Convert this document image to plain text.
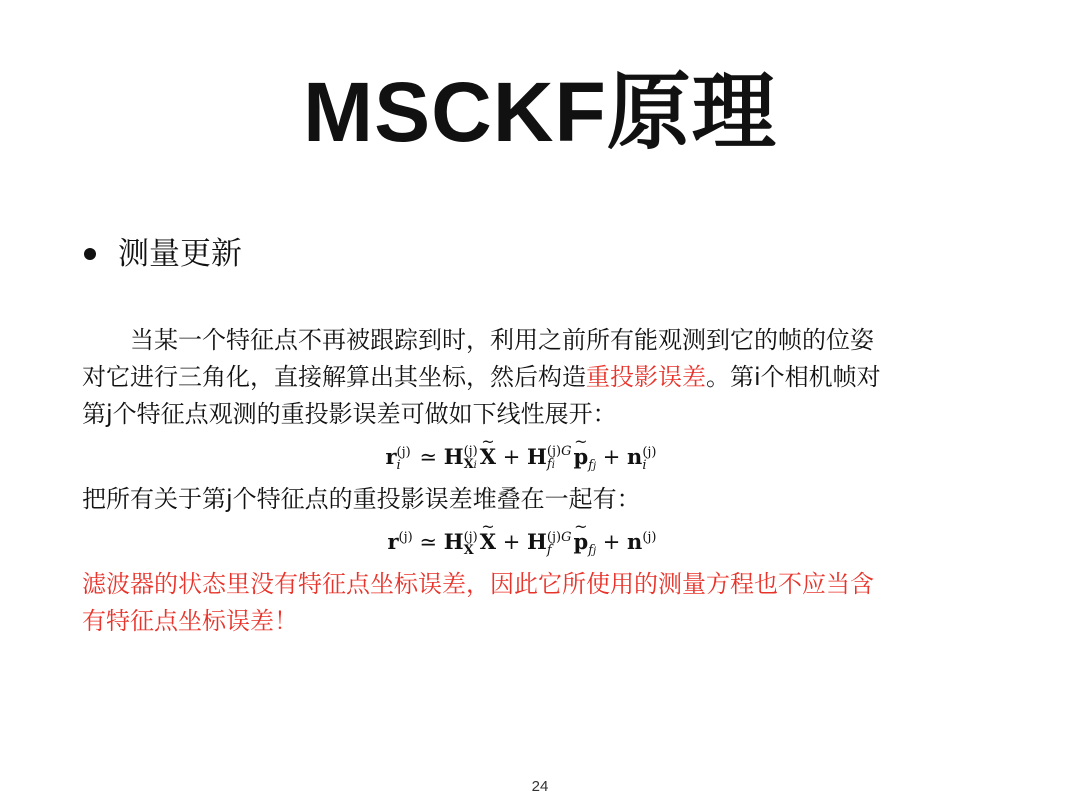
MSCKF原理
测量更新

当某一个特征点不再被跟踪到时，利用之前所有能观测到它的帧的位姿

对它进行三角化，直接解算出其坐标，然后构造重投影误差。第i个相机帧对

第j个特征点观测的重投影误差可做如下线性展开：

r (j)
i ≃ H (j)
Xi ~ X + H (j)G
fi ~ $p_{fj} + n$ (j)
i

把所有关于第j个特征点的重投影误差堆叠在一起有：

$r^{(j)}$ ≃ H (j)
X ~ X + H (j)G
f	~ $p_{fj} + n^{(j)}$

滤波器的状态里没有特征点坐标误差，因此它所使用的测量方程也不应当含

有特征点坐标误差！

24
